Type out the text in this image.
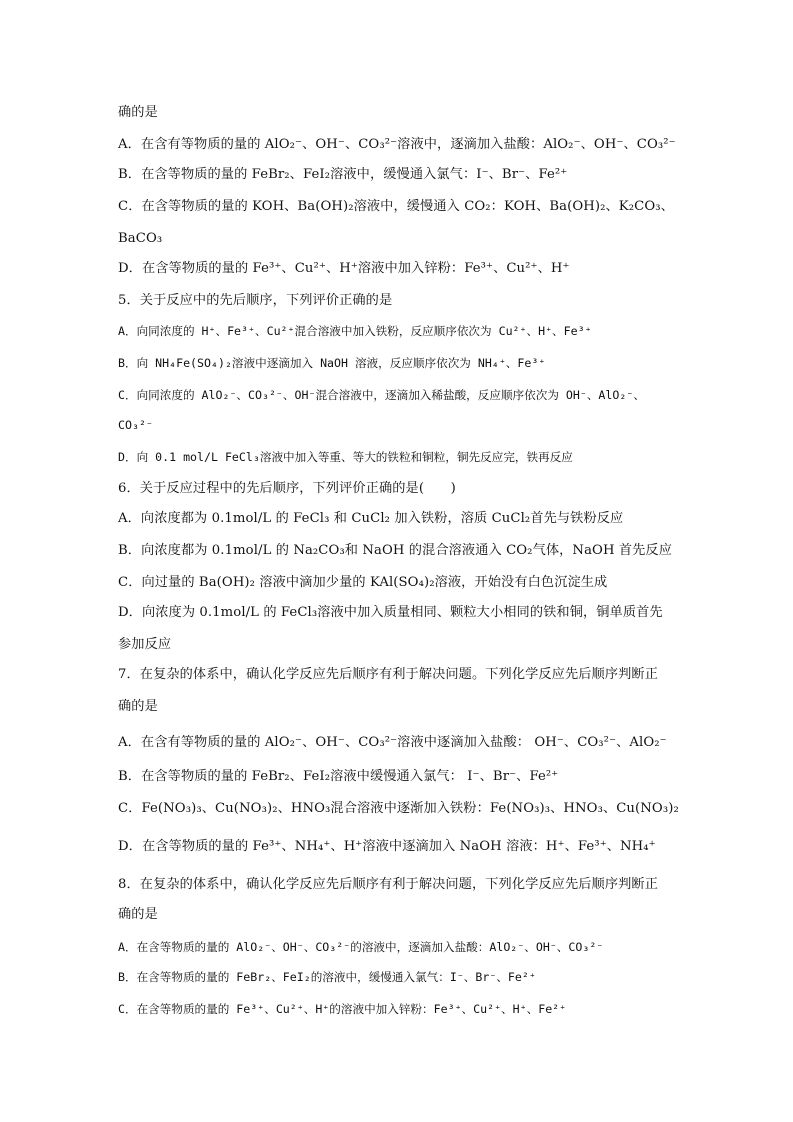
确的是
A．在含有等物质的量的 AlO₂⁻、OH⁻、CO₃²⁻溶液中，逐滴加入盐酸：AlO₂⁻、OH⁻、CO₃²⁻
B．在含等物质的量的 FeBr₂、FeI₂溶液中，缓慢通入氯气：I⁻、Br⁻、Fe²⁺
C．在含等物质的量的 KOH、Ba(OH)₂溶液中，缓慢通入 CO₂：KOH、Ba(OH)₂、K₂CO₃、
BaCO₃
D．在含等物质的量的 Fe³⁺、Cu²⁺、H⁺溶液中加入锌粉：Fe³⁺、Cu²⁺、H⁺
5．关于反应中的先后顺序，下列评价正确的是
A．向同浓度的 H⁺、Fe³⁺、Cu²⁺混合溶液中加入铁粉，反应顺序依次为 Cu²⁺、H⁺、Fe³⁺
B．向 NH₄Fe(SO₄)₂溶液中逐滴加入 NaOH 溶液，反应顺序依次为 NH₄⁺、Fe³⁺
C．向同浓度的 AlO₂⁻、CO₃²⁻、OH⁻混合溶液中，逐滴加入稀盐酸，反应顺序依次为 OH⁻、AlO₂⁻、
CO₃²⁻
D．向 0.1 mol/L FeCl₃溶液中加入等重、等大的铁粒和铜粒，铜先反应完，铁再反应
6．关于反应过程中的先后顺序，下列评价正确的是(　　)
A．向浓度都为 0.1mol/L 的 FeCl₃ 和 CuCl₂ 加入铁粉，溶质 CuCl₂首先与铁粉反应
B．向浓度都为 0.1mol/L 的 Na₂CO₃和 NaOH 的混合溶液通入 CO₂气体，NaOH 首先反应
C．向过量的 Ba(OH)₂ 溶液中滴加少量的 KAl(SO₄)₂溶液，开始没有白色沉淀生成
D．向浓度为 0.1mol/L 的 FeCl₃溶液中加入质量相同、颗粒大小相同的铁和铜，铜单质首先
参加反应
7．在复杂的体系中，确认化学反应先后顺序有利于解决问题。下列化学反应先后顺序判断正
确的是
A．在含有等物质的量的 AlO₂⁻、OH⁻、CO₃²⁻溶液中逐滴加入盐酸： OH⁻、CO₃²⁻、AlO₂⁻
B．在含等物质的量的 FeBr₂、FeI₂溶液中缓慢通入氯气： I⁻、Br⁻、Fe²⁺
C．Fe(NO₃)₃、Cu(NO₃)₂、HNO₃混合溶液中逐渐加入铁粉：Fe(NO₃)₃、HNO₃、Cu(NO₃)₂
D．在含等物质的量的 Fe³⁺、NH₄⁺、H⁺溶液中逐滴加入 NaOH 溶液：H⁺、Fe³⁺、NH₄⁺
8．在复杂的体系中，确认化学反应先后顺序有利于解决问题，下列化学反应先后顺序判断正
确的是
A．在含等物质的量的 AlO₂⁻、OH⁻、CO₃²⁻的溶液中，逐滴加入盐酸：AlO₂⁻、OH⁻、CO₃²⁻
B．在含等物质的量的 FeBr₂、FeI₂的溶液中，缓慢通入氯气：I⁻、Br⁻、Fe²⁺
C．在含等物质的量的 Fe³⁺、Cu²⁺、H⁺的溶液中加入锌粉：Fe³⁺、Cu²⁺、H⁺、Fe²⁺
